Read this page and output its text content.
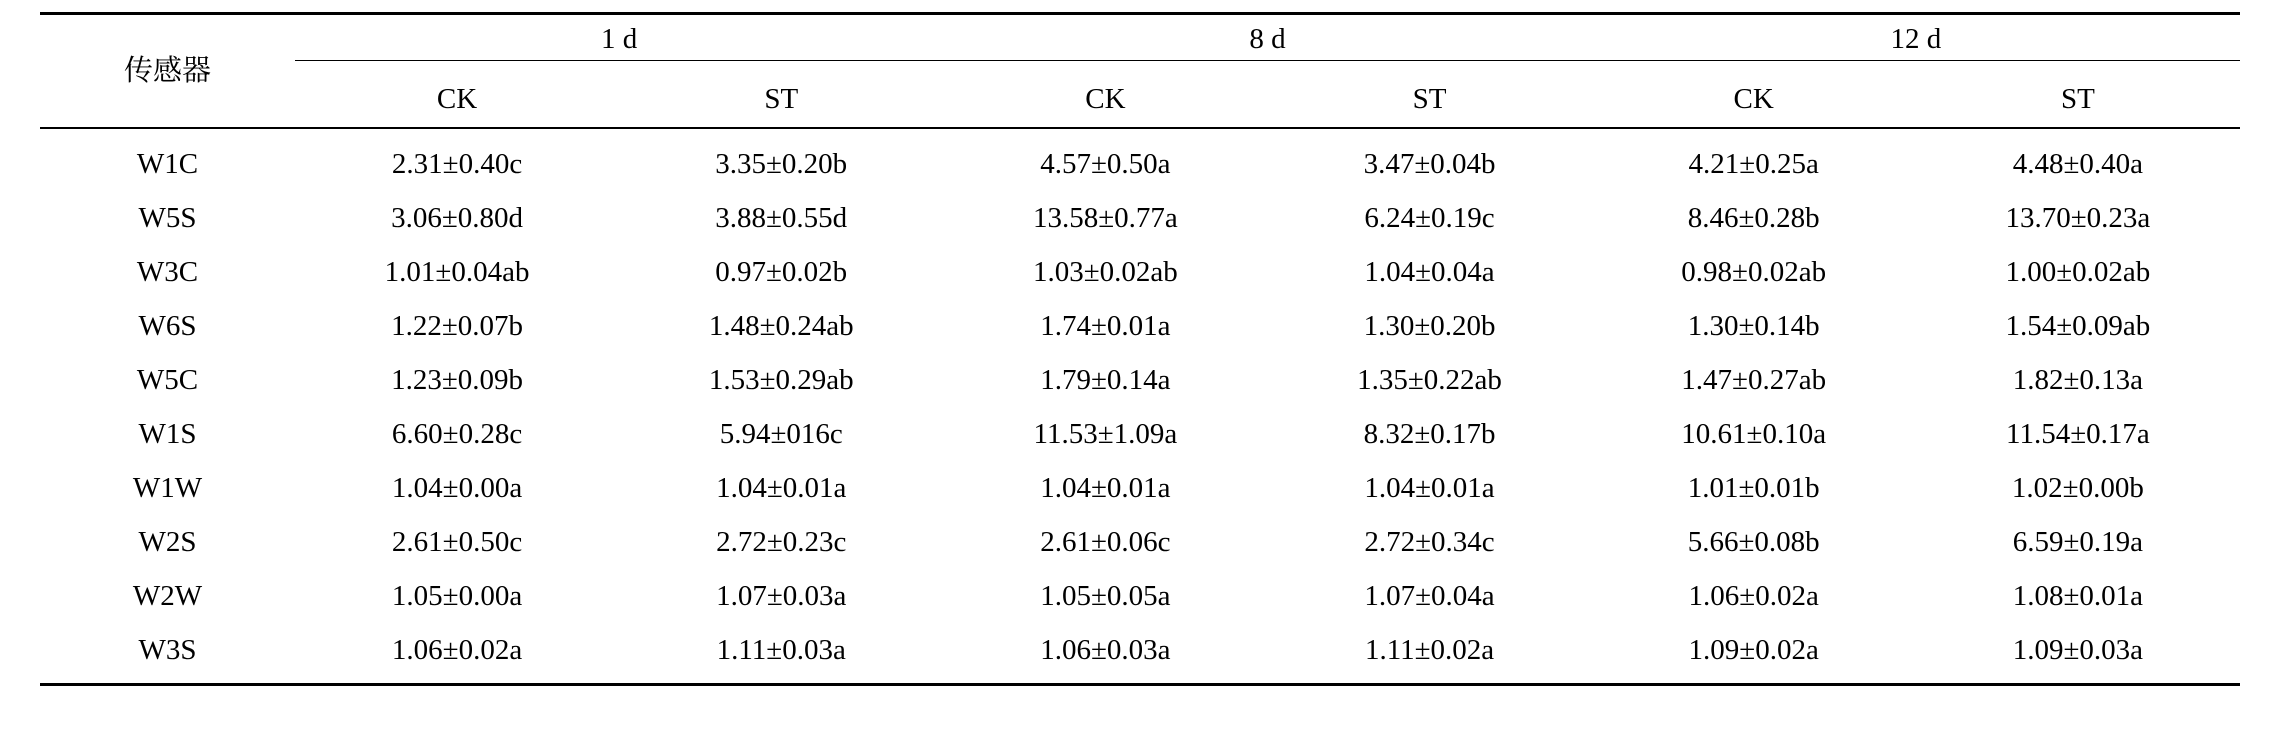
传感器	1 d		8 d		12 d	

	CK	ST	CK	ST	CK	ST
W1C	2.31±0.40c	3.35±0.20b	4.57±0.50a	3.47±0.04b	4.21±0.25a	4.48±0.40a
W5S	3.06±0.80d	3.88±0.55d	13.58±0.77a	6.24±0.19c	8.46±0.28b	13.70±0.23a
W3C	1.01±0.04ab	0.97±0.02b	1.03±0.02ab	1.04±0.04a	0.98±0.02ab	1.00±0.02ab
W6S	1.22±0.07b	1.48±0.24ab	1.74±0.01a	1.30±0.20b	1.30±0.14b	1.54±0.09ab
W5C	1.23±0.09b	1.53±0.29ab	1.79±0.14a	1.35±0.22ab	1.47±0.27ab	1.82±0.13a
W1S	6.60±0.28c	5.94±016c	11.53±1.09a	8.32±0.17b	10.61±0.10a	11.54±0.17a
W1W	1.04±0.00a	1.04±0.01a	1.04±0.01a	1.04±0.01a	1.01±0.01b	1.02±0.00b
W2S	2.61±0.50c	2.72±0.23c	2.61±0.06c	2.72±0.34c	5.66±0.08b	6.59±0.19a
W2W	1.05±0.00a	1.07±0.03a	1.05±0.05a	1.07±0.04a	1.06±0.02a	1.08±0.01a
W3S	1.06±0.02a	1.11±0.03a	1.06±0.03a	1.11±0.02a	1.09±0.02a	1.09±0.03a
